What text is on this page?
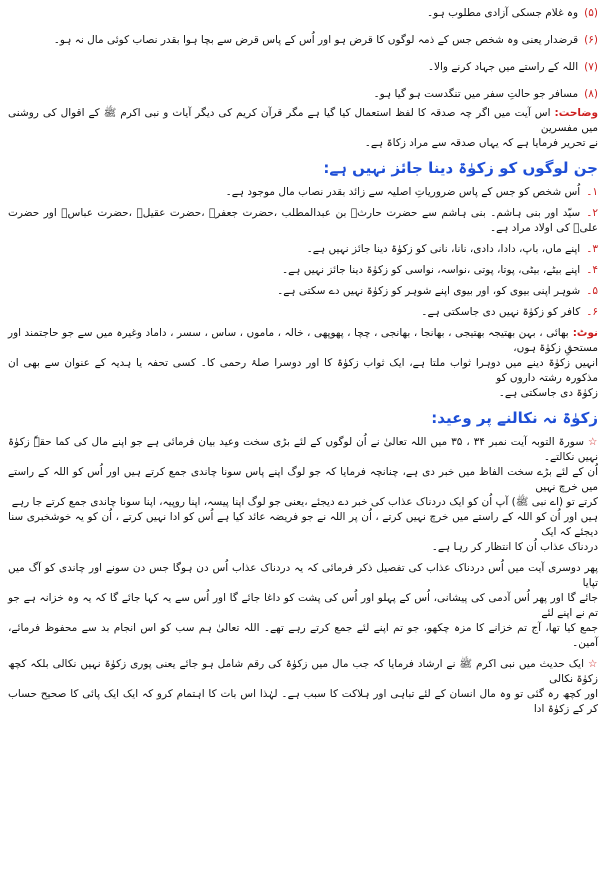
(۵)وہ غلام جسکی آزادی مطلوب ہو۔

(۶)قرضدار یعنی وہ شخص جس کے ذمہ لوگوں کا قرض ہو اور اُس کے پاس قرض سے بچا ہوا بقدر نصاب کوئی مال نہ ہو۔

(۷)اللہ کے راستے میں جہاد کرنے والا۔

(۸)مسافر جو حالتِ سفر میں تنگدست ہو گیا ہو۔

وضاحت:اس آیت میں اگر چہ صدقہ کا لفظ استعمال کیا گیا ہے مگر قرآن کریم کی دیگر آیات و نبی اکرم ﷺ کے اقوال کی روشنی میں مفسرین

نے تحریر فرمایا ہے کہ یہاں صدقہ سے مراد زکاۃ ہے۔

جن لوگوں کو زکوٰۃ دینا جائز نہیں ہے:

۱۔اُس شخص کو جس کے پاس ضروریاتِ اصلیہ سے زائد بقدر نصاب مال موجود ہے۔

۲۔سیّد اور بنی ہاشم۔ بنی ہاشم سے حضرت حارثؓ بن عبدالمطلب ،حضرت جعفرؓ ،حضرت عقیلؓ ،حضرت عباسؓ اور حضرت علیؓ کی اولاد مراد ہے۔

۳۔اپنے ماں، باپ، دادا، دادی، نانا، نانی کو زکوٰۃ دینا جائز نہیں ہے۔

۴۔اپنے بیٹے، بیٹی، پوتا، پوتی ،نواسہ، نواسی کو زکوٰۃ دینا جائز نہیں ہے۔

۵۔شوہر اپنی بیوی کو، اور بیوی اپنے شوہر کو زکوٰۃ نہیں دے سکتی ہے۔

۶۔کافر کو زکوٰۃ نہیں دی جاسکتی ہے۔

نوٹ:بھائی ، بہن بھتیجہ بھتیجی ، بھانجا ، بھانجی ، چچا ، پھوپھی ، خالہ ، ماموں ، ساس ، سسر ، داماد وغیرہ میں سے جو حاجتمند اور مستحقِ زکوٰۃ ہوں،

انہیں زکوٰۃ دینے میں دوہرا ثواب ملتا ہے، ایک ثواب زکوٰۃ کا اور دوسرا صلۂ رحمی کا۔ کسی تحفہ یا ہدیہ کے عنوان سے بھی ان مذکورہ رشتہ داروں کو

زکوٰۃ دی جاسکتی ہے۔

زکوٰۃ نہ نکالنے پر وعید:

☆سورۃ التوبہ آیت نمبر ۳۴ ، ۳۵ میں اللہ تعالیٰ نے اُن لوگوں کے لئے بڑی سخت وعید بیان فرمائی ہے جو اپنے مال کی کما حقہٗ زکوٰۃ نہیں نکالتے۔

اُن کے لئے بڑے سخت الفاظ میں خبر دی ہے، چنانچہ فرمایا کہ جو لوگ اپنے پاس سونا چاندی جمع کرتے ہیں اور اُس کو اللہ کے راستے میں خرچ نہیں

کرتے تو (اے نبی ﷺ) آپ اُن کو ایک دردناک عذاب کی خبر دے دیجئے ،یعنی جو لوگ اپنا پیسہ، اپنا روپیہ، اپنا سونا چاندی جمع کرتے جا رہے

ہیں اور اُن کو اللہ کے راستے میں خرچ نہیں کرتے ، اُن پر اللہ نے جو فریضہ عائد کیا ہے اُس کو ادا نہیں کرتے ، اُن کو یہ خوشخبری سنا دیجئے کہ ایک

دردناک عذاب اُن کا انتظار کر رہا ہے۔

پھر دوسری آیت میں اُس دردناک عذاب کی تفصیل ذکر فرمائی کہ یہ دردناک عذاب اُس دن ہوگا جس دن سونے اور چاندی کو آگ میں تپایا

جائے گا اور پھر اُس آدمی کی پیشانی، اُس کے پہلو اور اُس کی پشت کو داغا جائے گا اور اُس سے یہ کہا جائے گا کہ یہ وہ خزانہ ہے جو تم نے اپنے لئے

جمع کیا تھا، آج تم خزانے کا مزہ چکھو، جو تم اپنے لئے جمع کرتے رہے تھے۔ اللہ تعالیٰ ہم سب کو اس انجام بد سے محفوظ فرمائے، آمین۔

☆ایک حدیث میں نبی اکرم ﷺ نے ارشاد فرمایا کہ جب مال میں زکوٰۃ کی رقم شامل ہو جائے یعنی پوری زکوٰۃ نہیں نکالی بلکہ کچھ زکوٰۃ نکالی

اور کچھ رہ گئی تو وہ مال انسان کے لئے تباہی اور ہلاکت کا سبب ہے۔ لہٰذا اس بات کا اہتمام کرو کہ ایک ایک پائی کا صحیح حساب کر کے زکوٰۃ ادا
